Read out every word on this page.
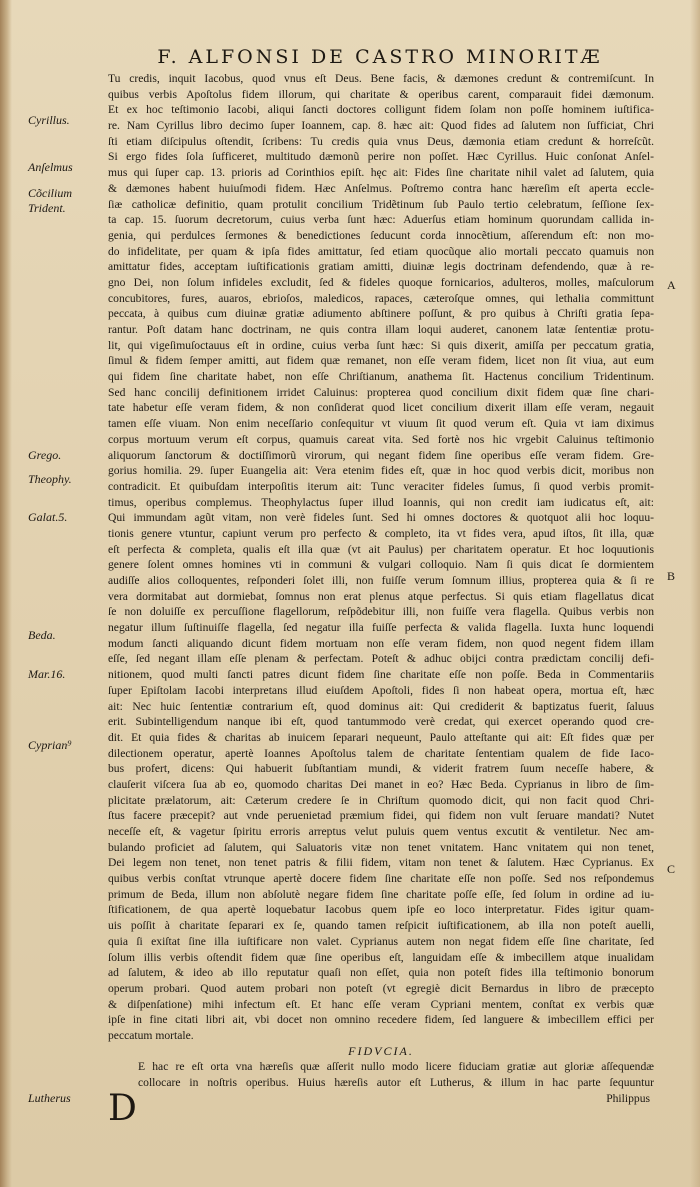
F. ALFONSI DE CASTRO MINORITÆ
Tu credis, inquit Iacobus, quod vnus eſt Deus. Bene facis, & dæmones credunt & contremiſcunt. In
quibus verbis Apoſtolus fidem illorum, qui charitate & operibus carent, comparauit fidei dæmonum.
Et ex hoc teſtimonio Iacobi, aliqui ſancti doctores colligunt fidem ſolam non poſſe hominem iuſtifica-
re. Nam Cyrillus libro decimo ſuper Ioannem, cap. 8. hæc ait: Quod fides ad ſalutem non ſufficiat, Chri
ſti etiam diſcipulus oſtendit, ſcribens: Tu credis quia vnus Deus, dæmonia etiam credunt & horreſcũt.
Si ergo fides ſola ſufficeret, multitudo dæmonũ perire non poſſet. Hæc Cyrillus. Huic conſonat Anſel-
mus qui ſuper cap. 13. prioris ad Corinthios epiſt. hęc ait: Fides ſine charitate nihil valet ad ſalutem, quia
& dæmones habent huiuſmodi fidem. Hæc Anſelmus. Poſtremo contra hanc hæreſim eſt aperta eccle-
ſiæ catholicæ definitio, quam protulit concilium Tridẽtinum ſub Paulo tertio celebratum, ſeſſione ſex-
ta cap. 15. ſuorum decretorum, cuius verba ſunt hæc: Aduerſus etiam hominum quorundam callida in-
genia, qui perdulces ſermones & benedictiones ſeducunt corda innocẽtium, aſſerendum eſt: non mo-
do infidelitate, per quam & ipſa fides amittatur, ſed etiam quocũque alio mortali peccato quamuis non
amittatur fides, acceptam iuſtificationis gratiam amitti, diuinæ legis doctrinam defendendo, quæ à re-
gno Dei, non ſolum infideles excludit, ſed & fideles quoque fornicarios, adulteros, molles, maſculorum
concubitores, fures, auaros, ebrioſos, maledicos, rapaces, cæteroſque omnes, qui lethalia committunt
peccata, à quibus cum diuinæ gratiæ adiumento abſtinere poſſunt, & pro quibus à Chriſti gratia ſepa-
rantur. Poſt datam hanc doctrinam, ne quis contra illam loqui auderet, canonem latæ ſententiæ protu-
lit, qui vigeſimuſoctauus eſt in ordine, cuius verba ſunt hæc: Si quis dixerit, amiſſa per peccatum gratia,
ſimul & fidem ſemper amitti, aut fidem quæ remanet, non eſſe veram fidem, licet non ſit viua, aut eum
qui fidem ſine charitate habet, non eſſe Chriſtianum, anathema ſit. Hactenus concilium Tridentinum.
Sed hanc concilij definitionem irridet Caluinus: propterea quod concilium dixit fidem quæ ſine chari-
tate habetur eſſe veram fidem, & non conſiderat quod licet concilium dixerit illam eſſe veram, negauit
tamen eſſe viuam. Non enim neceſſario conſequitur vt viuum ſit quod verum eſt. Quia vt iam diximus
corpus mortuum verum eſt corpus, quamuis careat vita. Sed fortè nos hic vrgebit Caluinus teſtimonio
aliquorum ſanctorum & doctiſſimorũ virorum, qui negant fidem ſine operibus eſſe veram fidem. Gre-
gorius homilia. 29. ſuper Euangelia ait: Vera etenim fides eſt, quæ in hoc quod verbis dicit, moribus non
contradicit. Et quibuſdam interpoſitis iterum ait: Tunc veraciter fideles ſumus, ſi quod verbis promit-
timus, operibus complemus. Theophylactus ſuper illud Ioannis, qui non credit iam iudicatus eſt, ait:
Qui immundam agũt vitam, non verè fideles ſunt. Sed hi omnes doctores & quotquot alii hoc loquu-
tionis genere vtuntur, capiunt verum pro perfecto & completo, ita vt fides vera, apud iſtos, ſit illa, quæ
eſt perfecta & completa, qualis eſt illa quæ (vt ait Paulus) per charitatem operatur. Et hoc loquutionis
genere ſolent omnes homines vti in communi & vulgari colloquio. Nam ſi quis dicat ſe dormientem
audiſſe alios colloquentes, reſponderi ſolet illi, non fuiſſe verum ſomnum illius, propterea quia & ſi re
vera dormitabat aut dormiebat, ſomnus non erat plenus atque perfectus. Si quis etiam flagellatus dicat
ſe non doluiſſe ex percuſſione flagellorum, reſpõdebitur illi, non fuiſſe vera flagella. Quibus verbis non
negatur illum ſuſtinuiſſe flagella, ſed negatur illa fuiſſe perfecta & valida flagella. Iuxta hunc loquendi
modum ſancti aliquando dicunt fidem mortuam non eſſe veram fidem, non quod negent fidem illam
eſſe, ſed negant illam eſſe plenam & perfectam. Poteſt & adhuc obijci contra prædictam concilij defi-
nitionem, quod multi ſancti patres dicunt fidem ſine charitate eſſe non poſſe. Beda in Commentariis
ſuper Epiſtolam Iacobi interpretans illud eiuſdem Apoſtoli, fides ſi non habeat opera, mortua eſt, hæc
ait: Nec huic ſententiæ contrarium eſt, quod dominus ait: Qui crediderit & baptizatus fuerit, ſaluus
erit. Subintelligendum nanque ibi eſt, quod tantummodo verè credat, qui exercet operando quod cre-
dit. Et quia fides & charitas ab inuicem ſeparari nequeunt, Paulo atteſtante qui ait: Eſt fides quæ per
dilectionem operatur, apertè Ioannes Apoſtolus talem de charitate ſententiam qualem de fide Iaco-
bus profert, dicens: Qui habuerit ſubſtantiam mundi, & viderit fratrem ſuum neceſſe habere, &
clauſerit viſcera ſua ab eo, quomodo charitas Dei manet in eo? Hæc Beda. Cyprianus in libro de ſim-
plicitate prælatorum, ait: Cæterum credere ſe in Chriſtum quomodo dicit, qui non facit quod Chri-
ſtus facere præcepit? aut vnde peruenietad præmium fidei, qui fidem non vult ſeruare mandati? Nutet
neceſſe eſt, & vagetur ſpiritu erroris arreptus velut puluis quem ventus excutit & ventiletur. Nec am-
bulando proficiet ad ſalutem, qui Saluatoris vitæ non tenet vnitatem. Hanc vnitatem qui non tenet,
Dei legem non tenet, non tenet patris & filii fidem, vitam non tenet & ſalutem. Hæc Cyprianus. Ex
quibus verbis conſtat vtrunque apertè docere fidem ſine charitate eſſe non poſſe. Sed nos reſpondemus
primum de Beda, illum non abſolutè negare fidem ſine charitate poſſe eſſe, ſed ſolum in ordine ad iu-
ſtificationem, de qua apertè loquebatur Iacobus quem ipſe eo loco interpretatur. Fides igitur quam-
uis poſſit à charitate ſeparari ex ſe, quando tamen reſpicit iuſtificationem, ab illa non poteſt auelli,
quia ſi exiſtat ſine illa iuſtificare non valet. Cyprianus autem non negat fidem eſſe ſine charitate, ſed
ſolum illis verbis oſtendit fidem quæ ſine operibus eſt, languidam eſſe & imbecillem atque inualidam
ad ſalutem, & ideo ab illo reputatur quaſi non eſſet, quia non poteſt fides illa teſtimonio bonorum
operum probari. Quod autem probari non poteſt (vt egregiè dicit Bernardus in libro de præcepto
& diſpenſatione) mihi infectum eſt. Et hanc eſſe veram Cypriani mentem, conſtat ex verbis quæ
ipſe in fine citati libri ait, vbi docet non omnino recedere fidem, ſed languere & imbecillem effici per
peccatum mortale.
FIDVCIA.
E hac re eſt orta vna hæreſis quæ aſſerit nullo modo licere fiduciam gratiæ aut gloriæ aſſequendæ
collocare in noſtris operibus. Huius hæreſis autor eſt Lutherus, & illum in hac parte ſequuntur
Philippus
D
Cyrillus.
Anſelmus
Cõcilium
Trident.
Grego.
Theophy.
Galat.5.
Beda.
Mar.16.
Cyprian⁹
Lutherus
A
B
C
